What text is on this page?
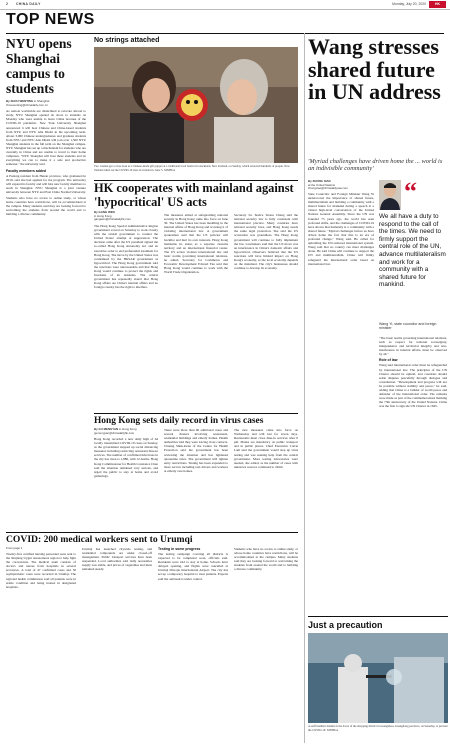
2 CHINA DAILY	Monday, July 20, 2020	HK
TOP NEWS
NYU opens Shanghai campus to students
By ZHOU WENTING in Shanghai
zhouwenting@chinadaily.com.cn
As remote worldwide are disinclined to relocate abroad to study, NYU Shanghai opened its doors to students on Monday who were unable to leave China because of the COVID-19 pandemic. New York University Shanghai announced it will host Chinese and China-based students from NYU and NYU Abu Dhabi in the upcoming term. About 3,000 Chinese undergraduates and graduate students from NYU and NYU Abu Dhabi will join over 1,500 NYU Shanghai students in the fall term on the Shanghai campus. NYU Shanghai has set up a mechanism for students who are currently in China and are unable to travel to their home campuses. "NYU Shanghai will host these students and do everything we can to make it a safe and productive semester," the university said.
Faculty members added
A Pudong resident from Henan province, who graduated in 2019, said she had applied for the program. The university will expand its faculty and will hire new faculty members to teach in Shanghai. NYU Shanghai is a joint venture university between NYU and East China Normal University.
Students who have no access to online study, or whose home countries have restrictions, will be accommodated at the campus. Many students said they are looking forward to welcoming the students from around the world and to building a diverse community.
No strings attached
Two women get a close look at a Chinese-made gift puppet at a traditional local festival in Auckland, New Zealand, on Sunday, which attracted hundreds of people. New Zealand ruled out the COVID-19 state in lockdown. June 5. XINHUA
HK cooperates with mainland against 'hypocritical' US acts
By GANG WEN
in Hong Kong
gangwen@chinadailyhk.com
The Hong Kong Special Administrative Region government vowed on Saturday to work closely with the central government to counter the United States' attempt at suppression. The decision came after the US president signed the so-called Hong Kong Autonomy Act and an executive order to end preferential treatment for Hong Kong. The move by the United States was condemned by the HKSAR government as hypocritical. The Hong Kong government said the sanctions were unreasonable and that Hong Kong would continue to protect the rights and freedoms of its residents. The central government has repeatedly stated that Hong Kong affairs are China's internal affairs and no foreign country has the right to interfere.
The measures aimed at safeguarding national security in Hong Kong came into force on June 30. The United States has been meddling in the internal affairs of Hong Kong and accusing it of violating international law. A government spokesman said that the US policies will backfire and hurt its own interests. Hong Kong maintains its status as a separate customs territory and an international financial center. The US action violates international law and basic norms governing international relations, he added. Secretary for Commerce and Economic Development Edward Yau said that Hong Kong would continue to work with the World Trade Organization.
Secretary for Justice Teresa Cheng said the national security law is fully consistent with international practice. Many countries have national security laws, and Hong Kong needs the same legal protection. She said the US accusation was groundless. The Hong Kong government will continue to fully implement the law. Lawmakers said that the US move was an interference in China's domestic affairs and hypocritical. Observers believed that the US sanctions will have limited impact on Hong Kong's economy, as the local economy depends on the mainland. The city's businesses should continue to develop its economy.
Hong Kong sets daily record in virus cases
By GU MENGYAN in Hong Kong
gumengyan@chinadailyhk.com
Hong Kong recorded a new daily high of 64 locally transmitted COVID-19 cases on Sunday, as the government stepped up social distancing measures including restricting restaurant dine-in services. The number of confirmed infections in the city has risen to 1,886, with 12 deaths. Hong Kong Commissioner for Health Constance Chan said the situation remained very serious, and urged the public to stay at home and avoid gatherings.
There were more than 60 additional cases and several clusters involving restaurants, residential buildings and elderly homes. Health authorities said they were tracing close contacts. Chuang Shuk-kwan of the Centre for Health Protection said the government has been reviewing the situation and has tightened quarantine rules. The government will tighten entry restrictions. Testing has been expanded to more sectors including taxi drivers and workers at elderly care homes.
The new measures came into force on Wednesday and will last for seven days. Restaurants must close dine-in services after 6 pm. Masks are mandatory on public transport and in public places. Chief Executive Carrie Lam said the government would step up virus testing and was seeking help from the central government. More testing laboratories were needed, she added, as the number of cases with unknown sources continued to climb.
COVID: 200 medical workers sent to Urumqi
From page 1
Twenty-five certified nursing personnel were sent to the Xinjiang Uygur autonomous region to help fight the coronavirus. The medical team consists of doctors and nurses from hospitals in several provinces. A total of 47 confirmed cases and 50 asymptomatic cases were recorded in Urumqi. The regional health commission said all patients were in stable condition and being treated in designated hospitals.
Urumqi has launched citywide testing, and residential compounds are under closed-off management. Public transport services have been suspended. Local authorities said daily necessities supply was stable, and prices of vegetables and meat remained steady.
Testing in some progress
The testing campaign covering all districts is expected to be completed soon, officials said. Residents were told to stay at home. Schools have delayed opening, and flights were cancelled at Urumqi Diwopu International Airport. The city has set up a temporary hospital to treat patients. Experts said the outbreak is under control.
Students who have no access to online study, or whose home countries have restrictions, will be accommodated at the campus. Many students said they are looking forward to welcoming the students from around the world and to building a diverse community.
Wang stresses shared future in UN address
'Myriad challenges have driven home the ... world is an indivisible community'
By ZHONG XIAO
at the United Nations
zhongxiao@chinadailyusa.com
State Councilor and Foreign Minister Wang Yi underscored the importance of shared future, multilateralism and building a community with a shared future for mankind during a speech at a virtual high-level conversation of the United Nations General Assembly. Since the UN was founded 75 years ago, the world has seen profound shifts, and the challenges of COVID-19 have shown that humanity is a community with a shared future. "Myriad challenges before us have driven home the fact that this is an era of profound change," Wang said. He called for upholding the UN-centered international system. Wang said that no country can meet challenges alone. He said China will continue to support the UN and multilateralism. China will firmly safeguard the international order based on international law.
“
We all have a duty to respond to the call of the times. We need to firmly support the central role of the UN, advance multilateralism and work for a community with a shared future for mankind.
Wang Yi, state councilor and foreign minister
"The basic norms governing international relations, such as respect for national sovereignty, independence and territorial integrity and non-interference in internal affairs, must be observed by all."
Role of law
Wang said international order must be safeguarded by international law. The principles of the UN Charter should be upheld, and countries should settle disputes peacefully through dialogue and consultation. "Development and progress will not be possible without stability and peace," he said, adding that China is a builder of world peace and defender of the international order. The remarks were made as part of the commemorations marking the 75th anniversary of the United Nations. China was the first to sign the UN Charter in 1945.
Just a precaution
A staff member disinfects the doors of the shopping district in Guangzhou, Guangdong province, on Saturday, to prevent the COVID-19. XINHUA
